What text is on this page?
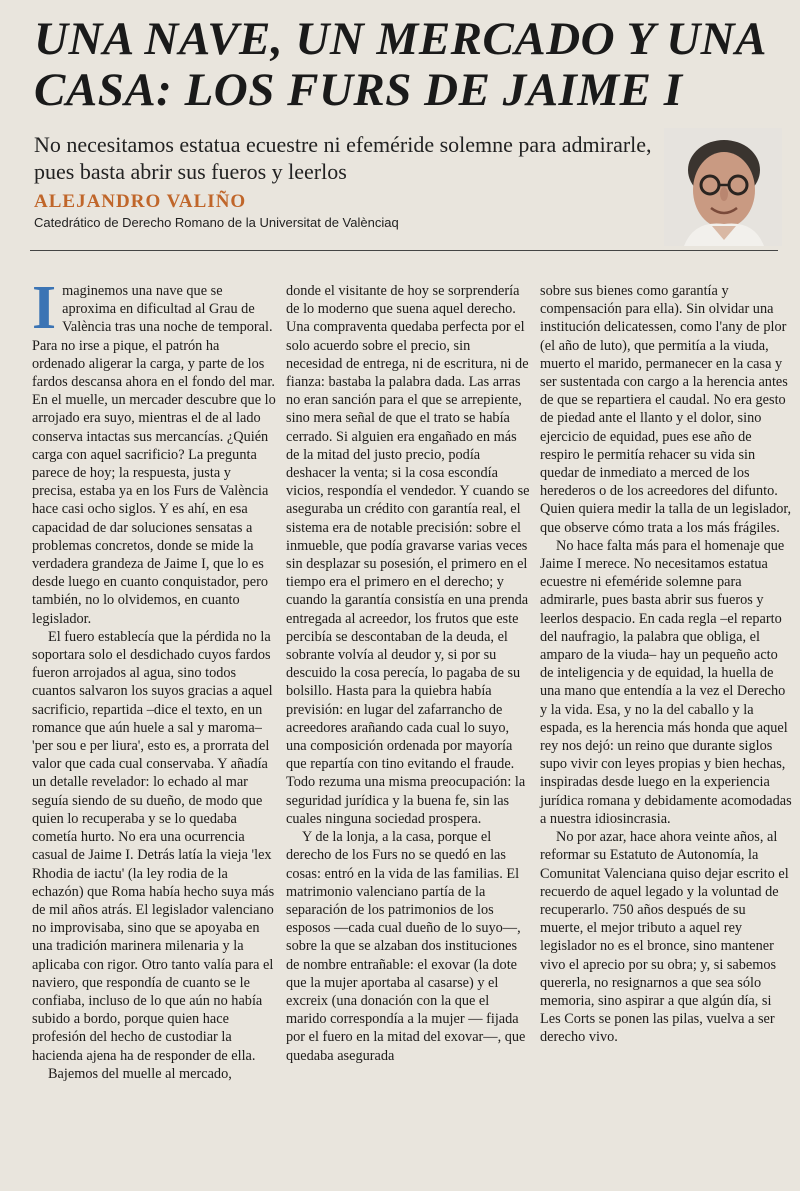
UNA NAVE, UN MERCADO Y UNA CASA: LOS FURS DE JAIME I

No necesitamos estatua ecuestre ni efeméride solemne para admirarle, pues basta abrir sus fueros y leerlos

ALEJANDRO VALIÑO
Catedrático de Derecho Romano de la Universitat de Valènciaq

Imaginemos una nave que se aproxima en dificultad al Grau de València tras una noche de temporal. Para no irse a pique, el patrón ha ordenado aligerar la carga, y parte de los fardos descansa ahora en el fondo del mar. En el muelle, un mercader descubre que lo arrojado era suyo, mientras el de al lado conserva intactas sus mercancías. ¿Quién carga con aquel sacrificio? La pregunta parece de hoy; la respuesta, justa y precisa, estaba ya en los Furs de València hace casi ocho siglos. Y es ahí, en esa capacidad de dar soluciones sensatas a problemas concretos, donde se mide la verdadera grandeza de Jaime I, que lo es desde luego en cuanto conquistador, pero también, no lo olvidemos, en cuanto legislador.

El fuero establecía que la pérdida no la soportara solo el desdichado cuyos fardos fueron arrojados al agua, sino todos cuantos salvaron los suyos gracias a aquel sacrificio, repartida –dice el texto, en un romance que aún huele a sal y maroma– 'per sou e per liura', esto es, a prorrata del valor que cada cual conservaba. Y añadía un detalle revelador: lo echado al mar seguía siendo de su dueño, de modo que quien lo recuperaba y se lo quedaba cometía hurto. No era una ocurrencia casual de Jaime I. Detrás latía la vieja 'lex Rhodia de iactu' (la ley rodia de la echazón) que Roma había hecho suya más de mil años atrás. El legislador valenciano no improvisaba, sino que se apoyaba en una tradición marinera milenaria y la aplicaba con rigor. Otro tanto valía para el naviero, que respondía de cuanto se le confiaba, incluso de lo que aún no había subido a bordo, porque quien hace profesión del hecho de custodiar la hacienda ajena ha de responder de ella.

Bajemos del muelle al mercado,

donde el visitante de hoy se sorprendería de lo moderno que suena aquel derecho. Una compraventa quedaba perfecta por el solo acuerdo sobre el precio, sin necesidad de entrega, ni de escritura, ni de fianza: bastaba la palabra dada. Las arras no eran sanción para el que se arrepiente, sino mera señal de que el trato se había cerrado. Si alguien era engañado en más de la mitad del justo precio, podía deshacer la venta; si la cosa escondía vicios, respondía el vendedor. Y cuando se aseguraba un crédito con garantía real, el sistema era de notable precisión: sobre el inmueble, que podía gravarse varias veces sin desplazar su posesión, el primero en el tiempo era el primero en el derecho; y cuando la garantía consistía en una prenda entregada al acreedor, los frutos que este percibía se descontaban de la deuda, el sobrante volvía al deudor y, si por su descuido la cosa perecía, lo pagaba de su bolsillo. Hasta para la quiebra había previsión: en lugar del zafarrancho de acreedores arañando cada cual lo suyo, una composición ordenada por mayoría que repartía con tino evitando el fraude. Todo rezuma una misma preocupación: la seguridad jurídica y la buena fe, sin las cuales ninguna sociedad prospera.

Y de la lonja, a la casa, porque el derecho de los Furs no se quedó en las cosas: entró en la vida de las familias. El matrimonio valenciano partía de la separación de los patrimonios de los esposos —cada cual dueño de lo suyo—, sobre la que se alzaban dos instituciones de nombre entrañable: el exovar (la dote que la mujer aportaba al casarse) y el excreix (una donación con la que el marido correspondía a la mujer — fijada por el fuero en la mitad del exovar—, que quedaba asegurada

sobre sus bienes como garantía y compensación para ella). Sin olvidar una institución delicatessen, como l'any de plor (el año de luto), que permitía a la viuda, muerto el marido, permanecer en la casa y ser sustentada con cargo a la herencia antes de que se repartiera el caudal. No era gesto de piedad ante el llanto y el dolor, sino ejercicio de equidad, pues ese año de respiro le permitía rehacer su vida sin quedar de inmediato a merced de los herederos o de los acreedores del difunto. Quien quiera medir la talla de un legislador, que observe cómo trata a los más frágiles.

No hace falta más para el homenaje que Jaime I merece. No necesitamos estatua ecuestre ni efeméride solemne para admirarle, pues basta abrir sus fueros y leerlos despacio. En cada regla –el reparto del naufragio, la palabra que obliga, el amparo de la viuda– hay un pequeño acto de inteligencia y de equidad, la huella de una mano que entendía a la vez el Derecho y la vida. Esa, y no la del caballo y la espada, es la herencia más honda que aquel rey nos dejó: un reino que durante siglos supo vivir con leyes propias y bien hechas, inspiradas desde luego en la experiencia jurídica romana y debidamente acomodadas a nuestra idiosincrasia.

No por azar, hace ahora veinte años, al reformar su Estatuto de Autonomía, la Comunitat Valenciana quiso dejar escrito el recuerdo de aquel legado y la voluntad de recuperarlo. 750 años después de su muerte, el mejor tributo a aquel rey legislador no es el bronce, sino mantener vivo el aprecio por su obra; y, si sabemos quererla, no resignarnos a que sea sólo memoria, sino aspirar a que algún día, si Les Corts se ponen las pilas, vuelva a ser derecho vivo.
